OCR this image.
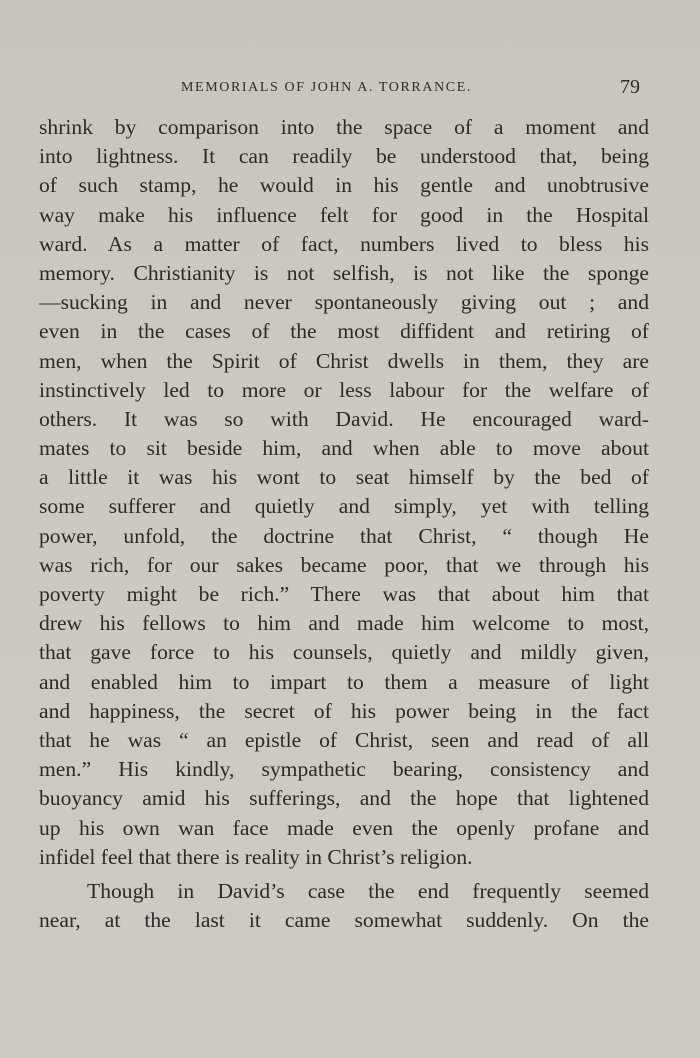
MEMORIALS OF JOHN A. TORRANCE.	79
shrink by comparison into the space of a moment and
into lightness. It can readily be understood that, being
of such stamp, he would in his gentle and unobtrusive
way make his influence felt for good in the Hospital
ward. As a matter of fact, numbers lived to bless his
memory. Christianity is not selfish, is not like the sponge
—sucking in and never spontaneously giving out ; and
even in the cases of the most diffident and retiring of
men, when the Spirit of Christ dwells in them, they are
instinctively led to more or less labour for the welfare of
others. It was so with David. He encouraged ward-
mates to sit beside him, and when able to move about
a little it was his wont to seat himself by the bed of
some sufferer and quietly and simply, yet with telling
power, unfold, the doctrine that Christ, “ though He
was rich, for our sakes became poor, that we through his
poverty might be rich.” There was that about him that
drew his fellows to him and made him welcome to most,
that gave force to his counsels, quietly and mildly given,
and enabled him to impart to them a measure of light
and happiness, the secret of his power being in the fact
that he was “ an epistle of Christ, seen and read of all
men.” His kindly, sympathetic bearing, consistency and
buoyancy amid his sufferings, and the hope that lightened
up his own wan face made even the openly profane and
infidel feel that there is reality in Christ’s religion.
Though in David’s case the end frequently seemed
near, at the last it came somewhat suddenly. On the
